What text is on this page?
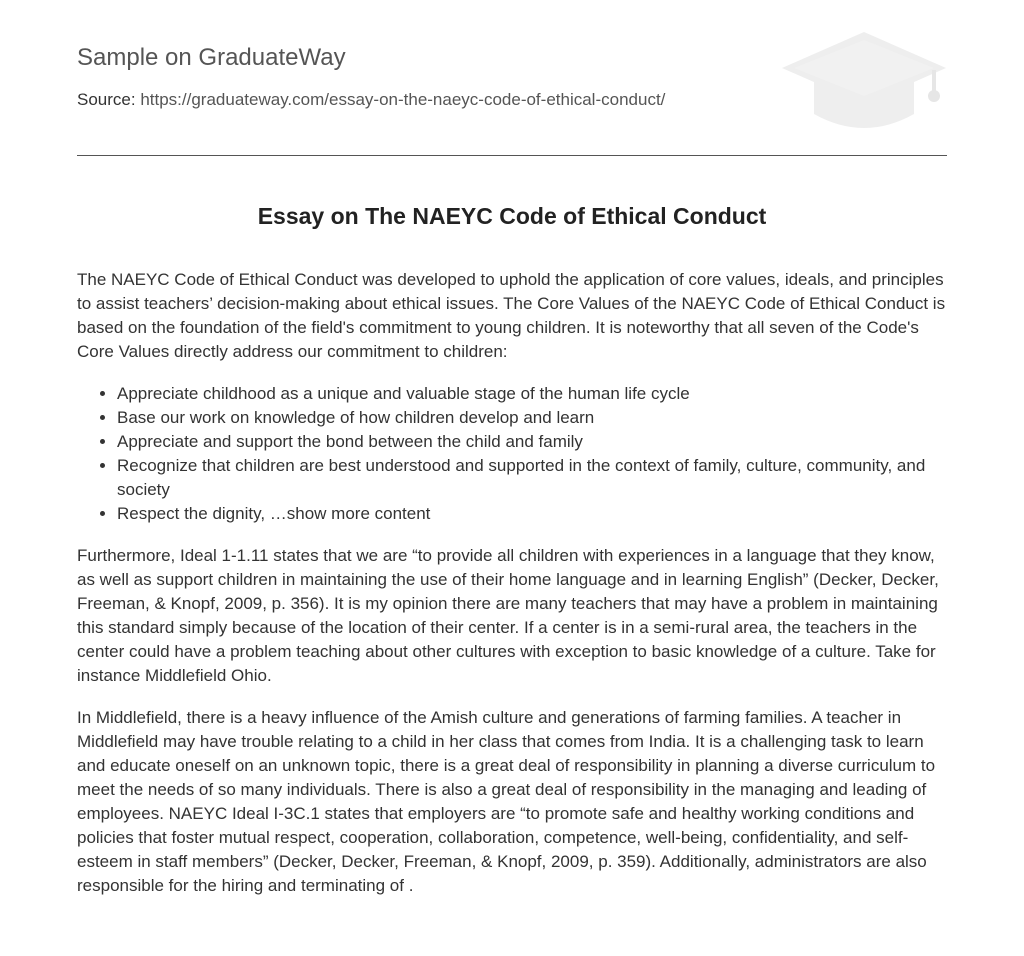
Sample on GraduateWay
Source: https://graduateway.com/essay-on-the-naeyc-code-of-ethical-conduct/
Essay on The NAEYC Code of Ethical Conduct

The NAEYC Code of Ethical Conduct was developed to uphold the application of core values, ideals, and principles to assist teachers’ decision-making about ethical issues. The Core Values of the NAEYC Code of Ethical Conduct is based on the foundation of the field's commitment to young children. It is noteworthy that all seven of the Code's Core Values directly address our commitment to children:

• Appreciate childhood as a unique and valuable stage of the human life cycle
• Base our work on knowledge of how children develop and learn
• Appreciate and support the bond between the child and family
• Recognize that children are best understood and supported in the context of family, culture, community, and society
• Respect the dignity, …show more content

Furthermore, Ideal 1-1.11 states that we are “to provide all children with experiences in a language that they know, as well as support children in maintaining the use of their home language and in learning English” (Decker, Decker, Freeman, & Knopf, 2009, p. 356). It is my opinion there are many teachers that may have a problem in maintaining this standard simply because of the location of their center. If a center is in a semi-rural area, the teachers in the center could have a problem teaching about other cultures with exception to basic knowledge of a culture. Take for instance Middlefield Ohio.

In Middlefield, there is a heavy influence of the Amish culture and generations of farming families. A teacher in Middlefield may have trouble relating to a child in her class that comes from India. It is a challenging task to learn and educate oneself on an unknown topic, there is a great deal of responsibility in planning a diverse curriculum to meet the needs of so many individuals. There is also a great deal of responsibility in the managing and leading of employees. NAEYC Ideal I-3C.1 states that employers are “to promote safe and healthy working conditions and policies that foster mutual respect, cooperation, collaboration, competence, well-being, confidentiality, and self-esteem in staff members” (Decker, Decker, Freeman, & Knopf, 2009, p. 359). Additionally, administrators are also responsible for the hiring and terminating of .
